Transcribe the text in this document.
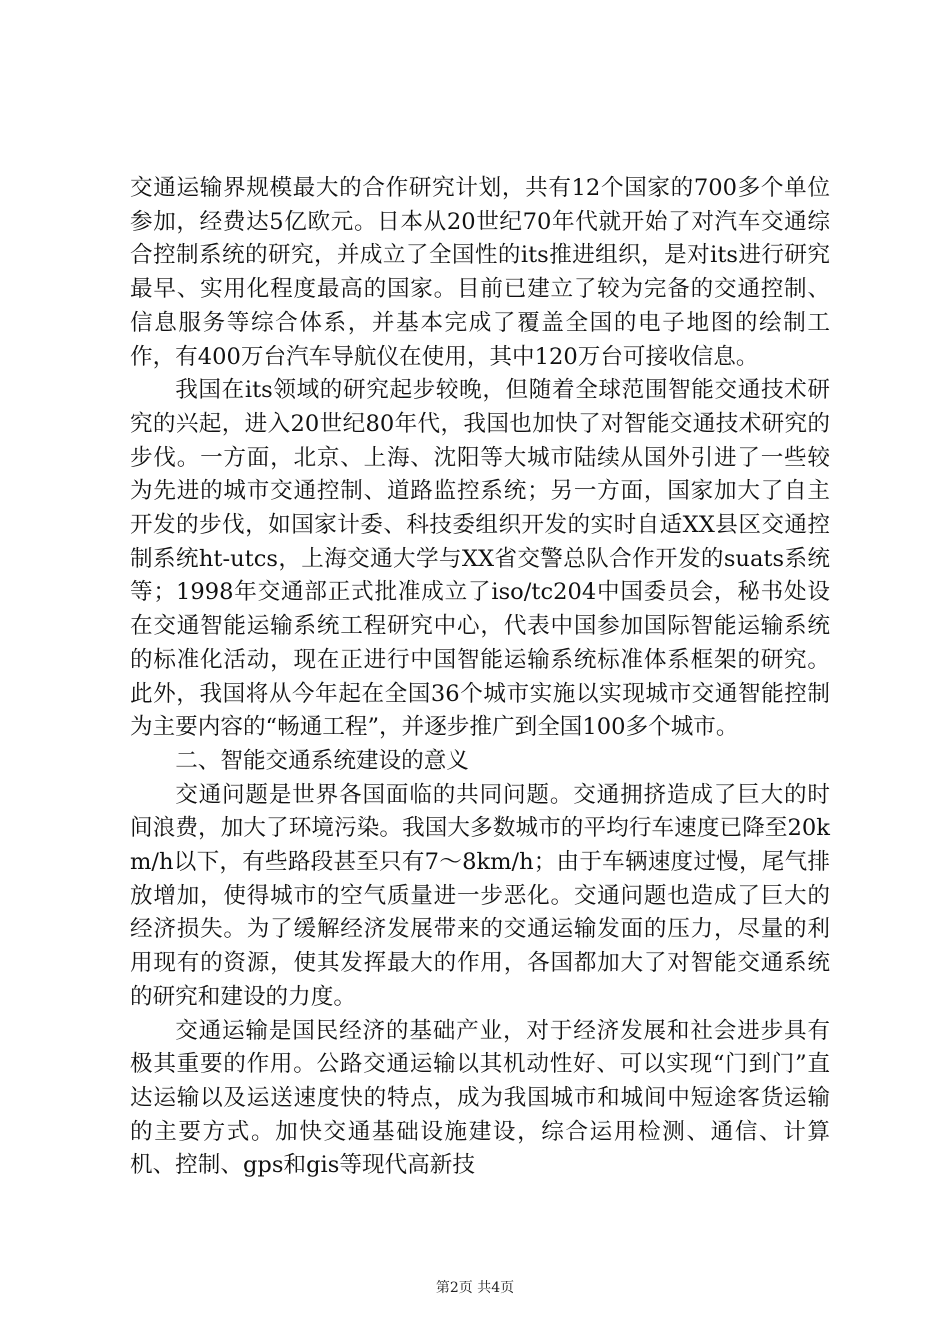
交通运输界规模最大的合作研究计划，共有12个国家的700多个单位参加，经费达5亿欧元。日本从20世纪70年代就开始了对汽车交通综合控制系统的研究，并成立了全国性的its推进组织，是对its进行研究最早、实用化程度最高的国家。目前已建立了较为完备的交通控制、信息服务等综合体系，并基本完成了覆盖全国的电子地图的绘制工作，有400万台汽车导航仪在使用，其中120万台可接收信息。

我国在its领域的研究起步较晚，但随着全球范围智能交通技术研究的兴起，进入20世纪80年代，我国也加快了对智能交通技术研究的步伐。一方面，北京、上海、沈阳等大城市陆续从国外引进了一些较为先进的城市交通控制、道路监控系统；另一方面，国家加大了自主开发的步伐，如国家计委、科技委组织开发的实时自适XX县区交通控制系统ht-utcs，上海交通大学与XX省交警总队合作开发的suats系统等；1998年交通部正式批准成立了iso/tc204中国委员会，秘书处设在交通智能运输系统工程研究中心，代表中国参加国际智能运输系统的标准化活动，现在正进行中国智能运输系统标准体系框架的研究。此外，我国将从今年起在全国36个城市实施以实现城市交通智能控制为主要内容的“畅通工程”，并逐步推广到全国100多个城市。

二、智能交通系统建设的意义

交通问题是世界各国面临的共同问题。交通拥挤造成了巨大的时间浪费，加大了环境污染。我国大多数城市的平均行车速度已降至20km/h以下，有些路段甚至只有7～8km/h；由于车辆速度过慢，尾气排放增加，使得城市的空气质量进一步恶化。交通问题也造成了巨大的经济损失。为了缓解经济发展带来的交通运输发面的压力，尽量的利用现有的资源，使其发挥最大的作用，各国都加大了对智能交通系统的研究和建设的力度。

交通运输是国民经济的基础产业，对于经济发展和社会进步具有极其重要的作用。公路交通运输以其机动性好、可以实现“门到门”直达运输以及运送速度快的特点，成为我国城市和城间中短途客货运输的主要方式。加快交通基础设施建设，综合运用检测、通信、计算机、控制、gps和gis等现代高新技

第2页 共4页
